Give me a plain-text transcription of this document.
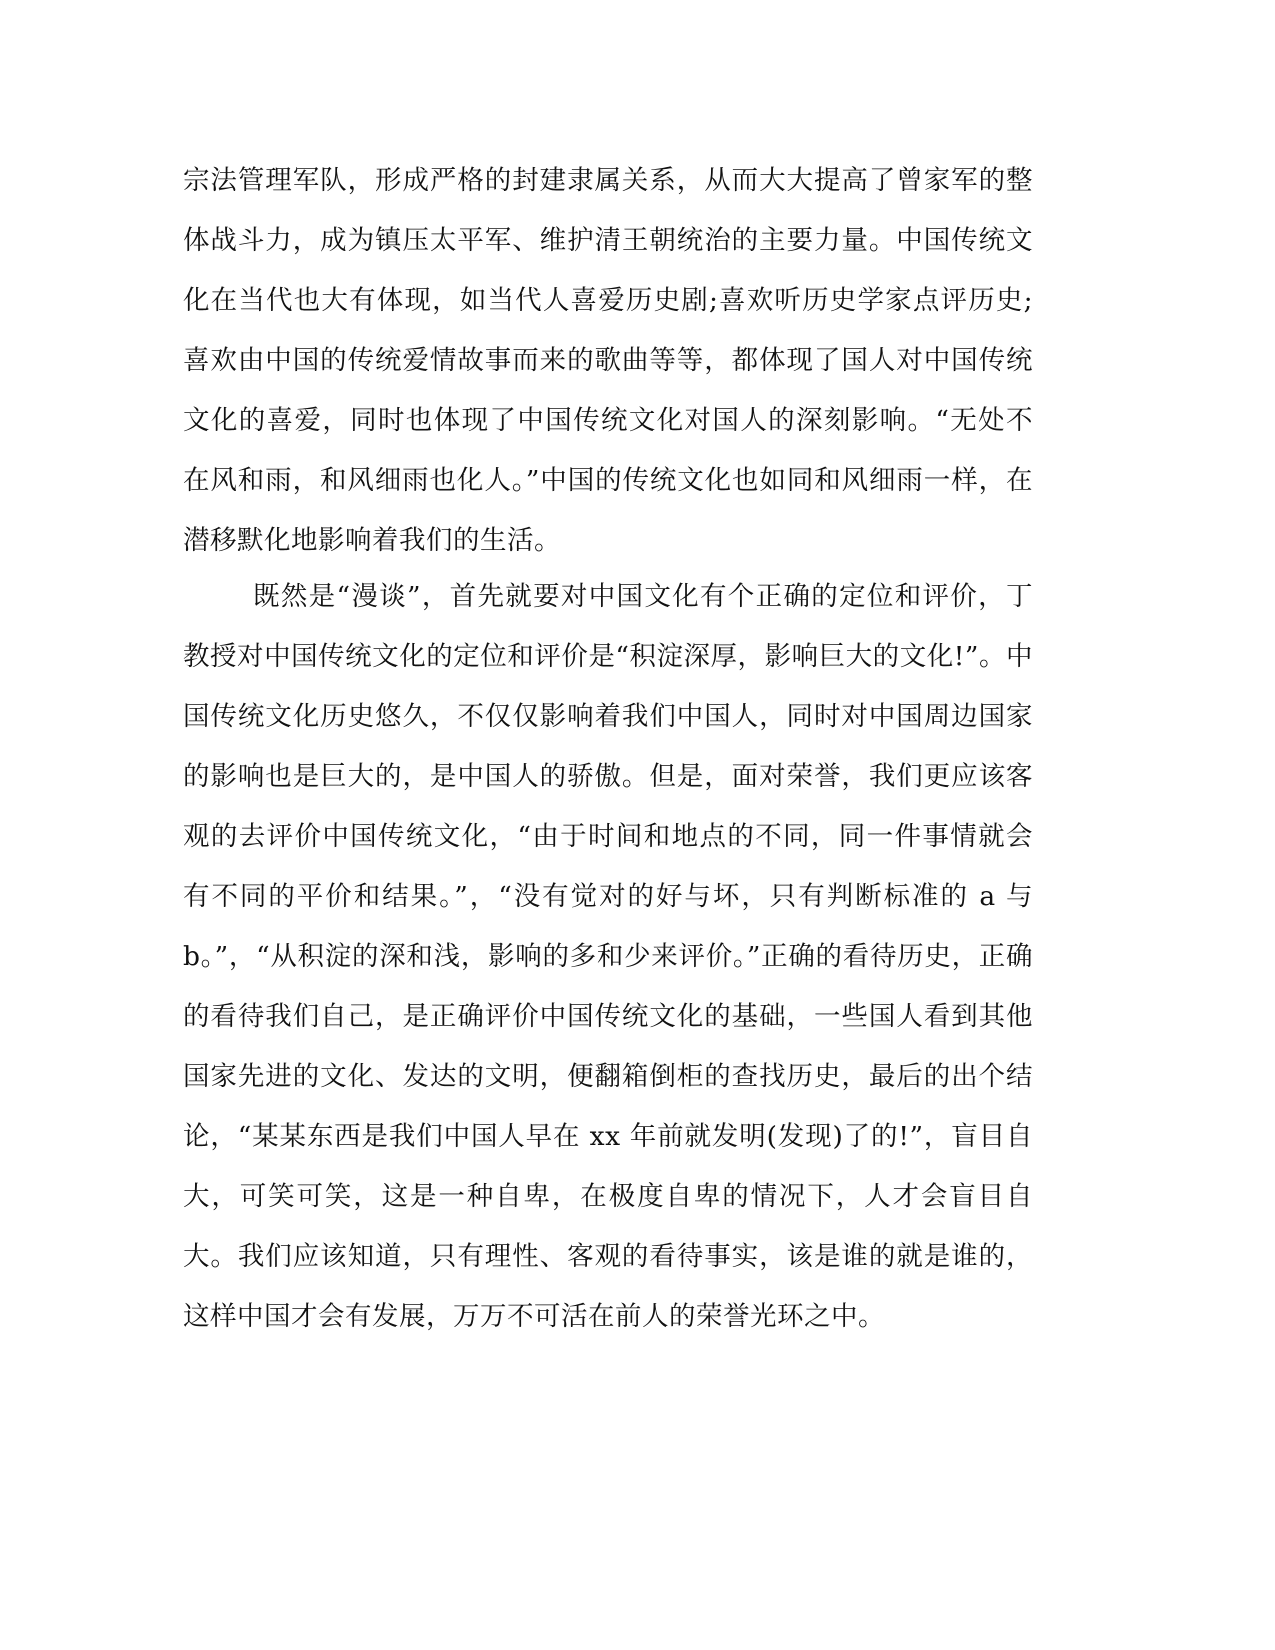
宗法管理军队，形成严格的封建隶属关系，从而大大提高了曾家军的整体战斗力，成为镇压太平军、维护清王朝统治的主要力量。中国传统文化在当代也大有体现，如当代人喜爱历史剧;喜欢听历史学家点评历史;喜欢由中国的传统爱情故事而来的歌曲等等，都体现了国人对中国传统文化的喜爱，同时也体现了中国传统文化对国人的深刻影响。“无处不在风和雨，和风细雨也化人。”中国的传统文化也如同和风细雨一样，在潜移默化地影响着我们的生活。

既然是“漫谈”，首先就要对中国文化有个正确的定位和评价，丁教授对中国传统文化的定位和评价是“积淀深厚，影响巨大的文化!”。中国传统文化历史悠久，不仅仅影响着我们中国人，同时对中国周边国家的影响也是巨大的，是中国人的骄傲。但是，面对荣誉，我们更应该客观的去评价中国传统文化，“由于时间和地点的不同，同一件事情就会有不同的平价和结果。”，“没有觉对的好与坏，只有判断标准的 a 与 b。”，“从积淀的深和浅，影响的多和少来评价。”正确的看待历史，正确的看待我们自己，是正确评价中国传统文化的基础，一些国人看到其他国家先进的文化、发达的文明，便翻箱倒柜的查找历史，最后的出个结论，“某某东西是我们中国人早在 xx 年前就发明(发现)了的!”，盲目自大，可笑可笑，这是一种自卑，在极度自卑的情况下，人才会盲目自大。我们应该知道，只有理性、客观的看待事实，该是谁的就是谁的，这样中国才会有发展，万万不可活在前人的荣誉光环之中。
